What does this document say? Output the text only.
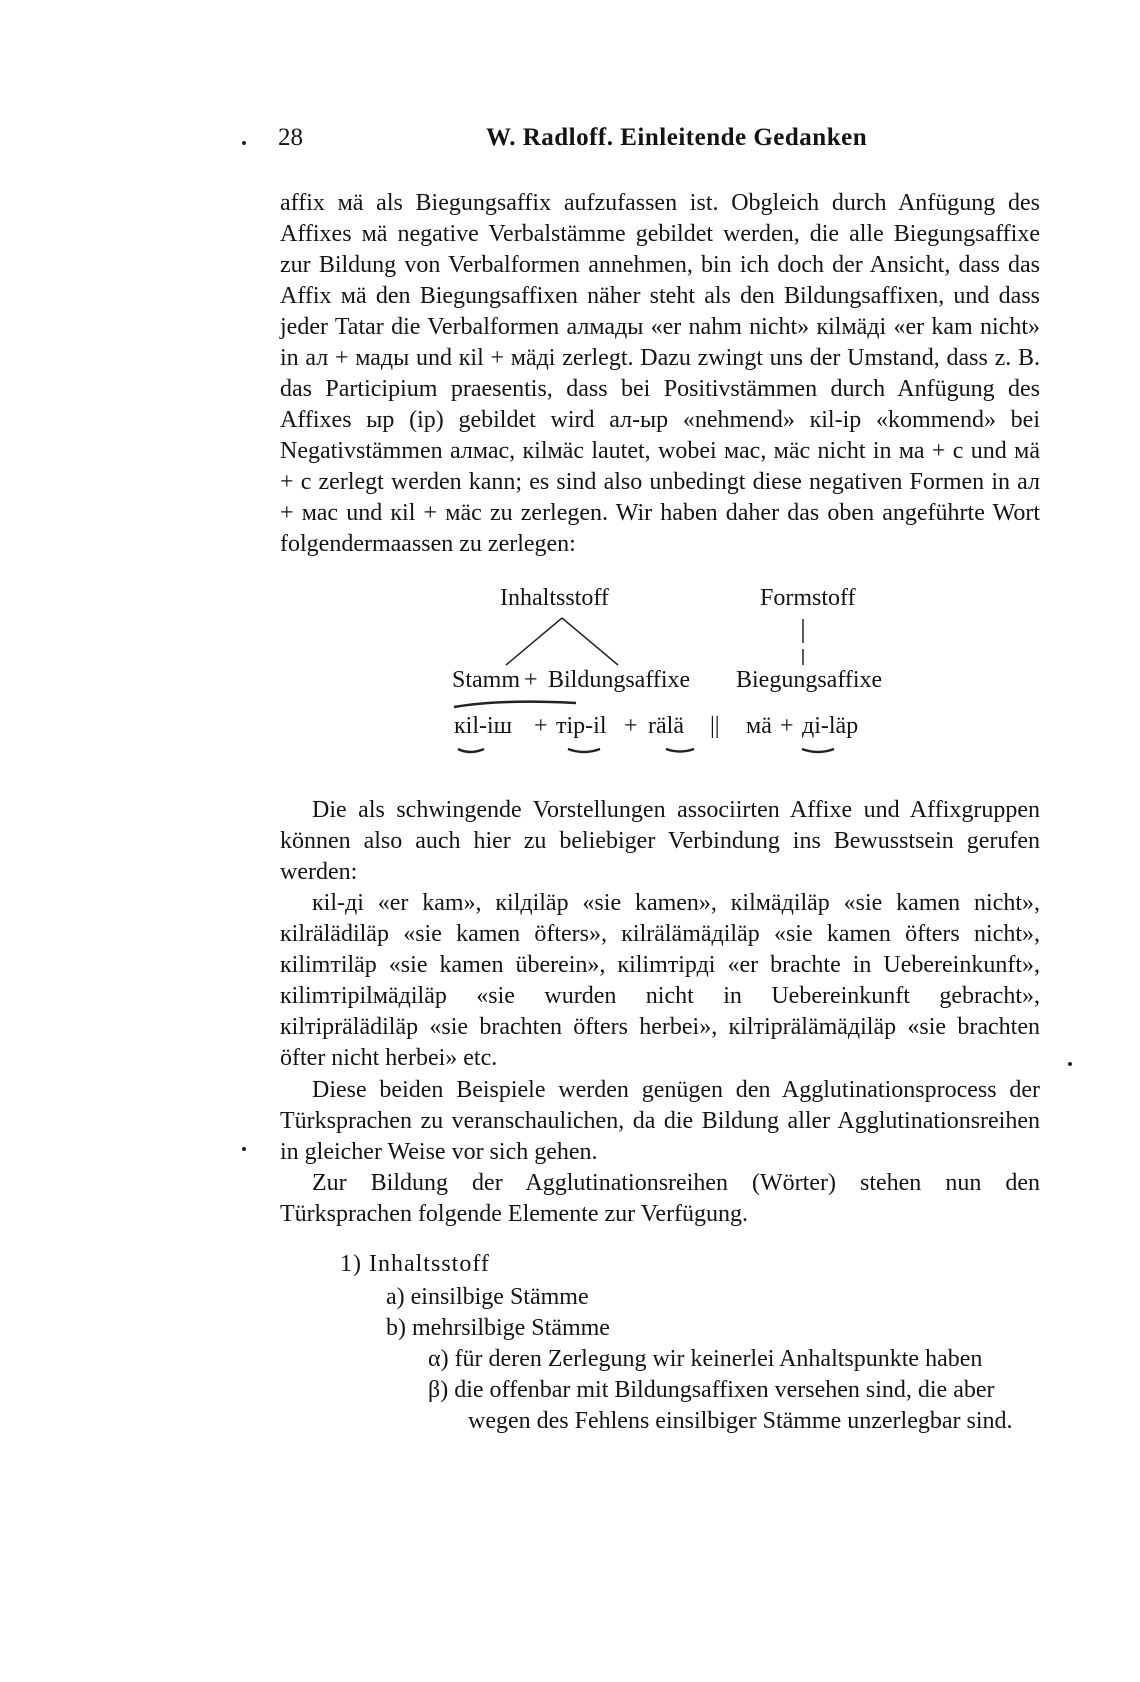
28	W. Radloff. Einleitende Gedanken

affix мä als Biegungsaffix aufzufassen ist. Obgleich durch Anfügung des Affixes мä negative Verbalstämme gebildet werden, die alle Biegungsaffixe zur Bildung von Verbalformen annehmen, bin ich doch der Ansicht, dass das Affix мä den Biegungsaffixen näher steht als den Bildungsaffixen, und dass jeder Tatar die Verbalformen алмады «er nahm nicht» кilмäдi «er kam nicht» in ал + мады und кil + мäдi zerlegt. Dazu zwingt uns der Umstand, dass z. B. das Participium praesentis, dass bei Positivstämmen durch Anfügung des Affixes ыр (ip) gebildet wird ал-ыр «nehmend» кil-ip «kommend» bei Negativstämmen алмас, кilмäс lautet, wobei мас, мäс nicht in ма + с und мä + с zerlegt werden kann; es sind also unbedingt diese negativen Formen in ал + мас und кil + мäс zu zerlegen. Wir haben daher das oben angeführte Wort folgendermaassen zu zerlegen:

Inhaltsstoff	Formstoff
Stamm + Bildungsaffixe Biegungsaffixe
кil-iш + тip-il + rälä || мä + дi-läр

Die als schwingende Vorstellungen associirten Affixe und Affixgruppen können also auch hier zu beliebiger Verbindung ins Bewusstsein gerufen werden:

кil-дi «er kam», кilдiläр «sie kamen», кilмäдiläр «sie kamen nicht», кilrälädiläр «sie kamen öfters», кilrälämäдiläр «sie kamen öfters nicht», кilimтiläр «sie kamen überein», кilimтiрдi «er brachte in Uebereinkunft», кilimтiрilмäдiläр «sie wurden nicht in Uebereinkunft gebracht», кilтiрrälädiläр «sie brachten öfters herbei», кilтiрrälämäдiläр «sie brachten öfter nicht herbei» etc.

Diese beiden Beispiele werden genügen den Agglutinationsprocess der Türksprachen zu veranschaulichen, da die Bildung aller Agglutinationsreihen in gleicher Weise vor sich gehen.

Zur Bildung der Agglutinationsreihen (Wörter) stehen nun den Türksprachen folgende Elemente zur Verfügung.

1) Inhaltsstoff
a) einsilbige Stämme
b) mehrsilbige Stämme
α) für deren Zerlegung wir keinerlei Anhaltspunkte haben
β) die offenbar mit Bildungsaffixen versehen sind, die aber
wegen des Fehlens einsilbiger Stämme unzerlegbar sind.
